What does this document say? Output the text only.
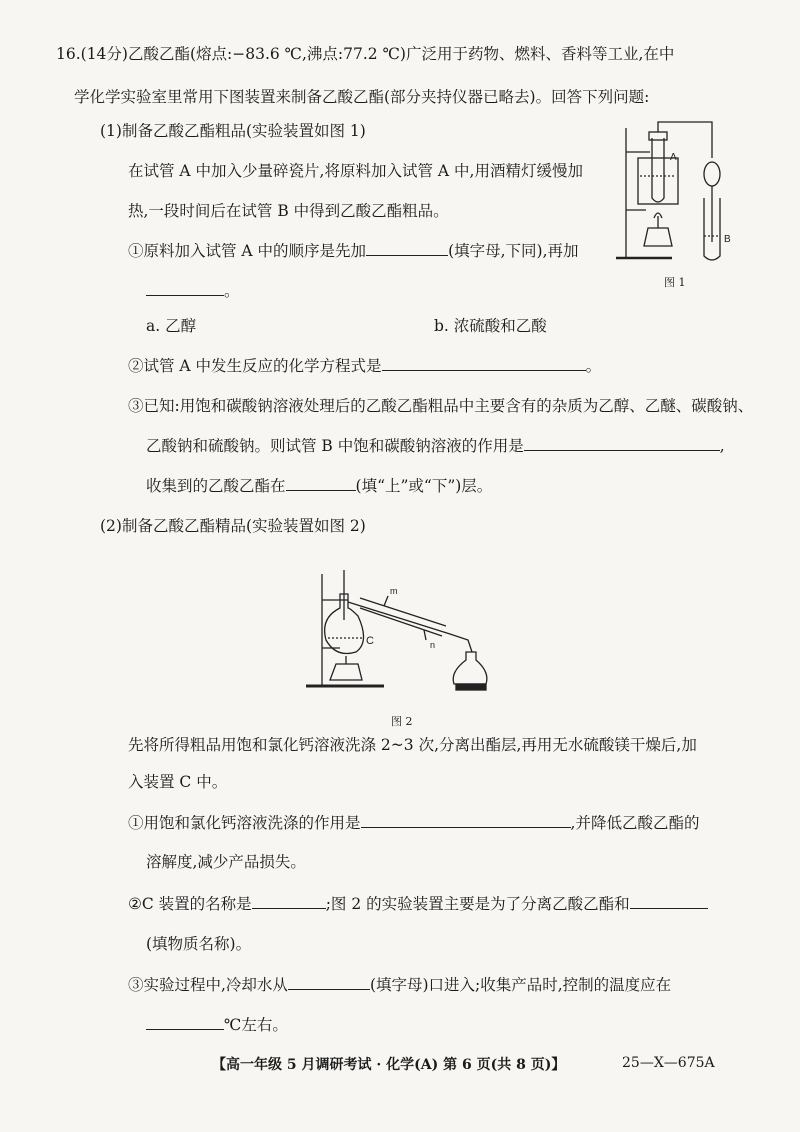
16.(14分)乙酸乙酯(熔点:−83.6 ℃,沸点:77.2 ℃)广泛用于药物、燃料、香料等工业,在中
学化学实验室里常用下图装置来制备乙酸乙酯(部分夹持仪器已略去)。回答下列问题:
(1)制备乙酸乙酯粗品(实验装置如图 1)
在试管 A 中加入少量碎瓷片,将原料加入试管 A 中,用酒精灯缓慢加
热,一段时间后在试管 B 中得到乙酸乙酯粗品。
①原料加入试管 A 中的顺序是先加	(填字母,下同),再加
。
a. 乙醇	b. 浓硫酸和乙酸
②试管 A 中发生反应的化学方程式是	。
③已知:用饱和碳酸钠溶液处理后的乙酸乙酯粗品中主要含有的杂质为乙醇、乙醚、碳酸钠、
乙酸钠和硫酸钠。则试管 B 中饱和碳酸钠溶液的作用是	,
收集到的乙酸乙酯在	(填“上”或“下”)层。
A
B
图 1
(2)制备乙酸乙酯精品(实验装置如图 2)
C
m
n
图 2
先将所得粗品用饱和氯化钙溶液洗涤 2~3 次,分离出酯层,再用无水硫酸镁干燥后,加
入装置 C 中。
①用饱和氯化钙溶液洗涤的作用是	,并降低乙酸乙酯的
溶解度,减少产品损失。
②C 装置的名称是	;图 2 的实验装置主要是为了分离乙酸乙酯和
(填物质名称)。
③实验过程中,冷却水从	(填字母)口进入;收集产品时,控制的温度应在
℃左右。
【高一年级 5 月调研考试 · 化学(A) 第 6 页(共 8 页)】	25—X—675A
